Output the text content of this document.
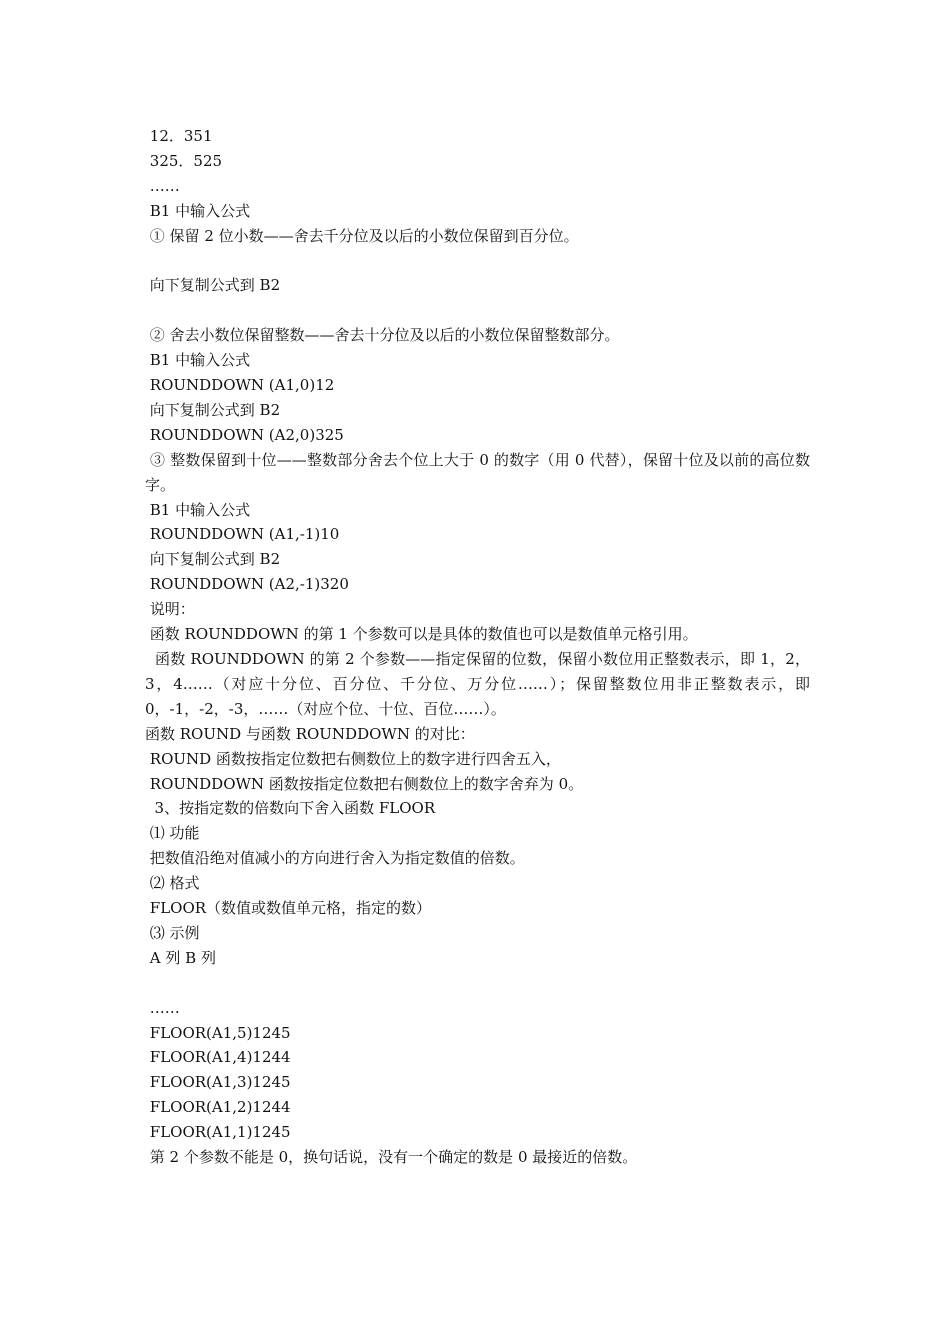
12．351
325．525
……
B1 中输入公式
① 保留 2 位小数——舍去千分位及以后的小数位保留到百分位。
向下复制公式到 B2
② 舍去小数位保留整数——舍去十分位及以后的小数位保留整数部分。
B1 中输入公式
ROUNDDOWN (A1,0)12
向下复制公式到 B2
ROUNDDOWN (A2,0)325
③ 整数保留到十位——整数部分舍去个位上大于 0 的数字（用 0 代替），保留十位及以前的高位数字。
B1 中输入公式
ROUNDDOWN (A1,-1)10
向下复制公式到 B2
ROUNDDOWN (A2,-1)320
说明：
函数 ROUNDDOWN 的第 1 个参数可以是具体的数值也可以是数值单元格引用。
函数 ROUNDDOWN 的第 2 个参数——指定保留的位数，保留小数位用正整数表示，即 1，2，3，4……（对应十分位、百分位、千分位、万分位……）；保留整数位用非正整数表示，即 0，-1，-2，-3，……（对应个位、十位、百位……）。
函数 ROUND 与函数 ROUNDDOWN 的对比：
ROUND 函数按指定位数把右侧数位上的数字进行四舍五入，
ROUNDDOWN 函数按指定位数把右侧数位上的数字舍弃为 0。
3、按指定数的倍数向下舍入函数 FLOOR
⑴ 功能
把数值沿绝对值减小的方向进行舍入为指定数值的倍数。
⑵ 格式
FLOOR（数值或数值单元格，指定的数）
⑶ 示例
A 列 B 列
……
FLOOR(A1,5)1245
FLOOR(A1,4)1244
FLOOR(A1,3)1245
FLOOR(A1,2)1244
FLOOR(A1,1)1245
第 2 个参数不能是 0，换句话说，没有一个确定的数是 0 最接近的倍数。
